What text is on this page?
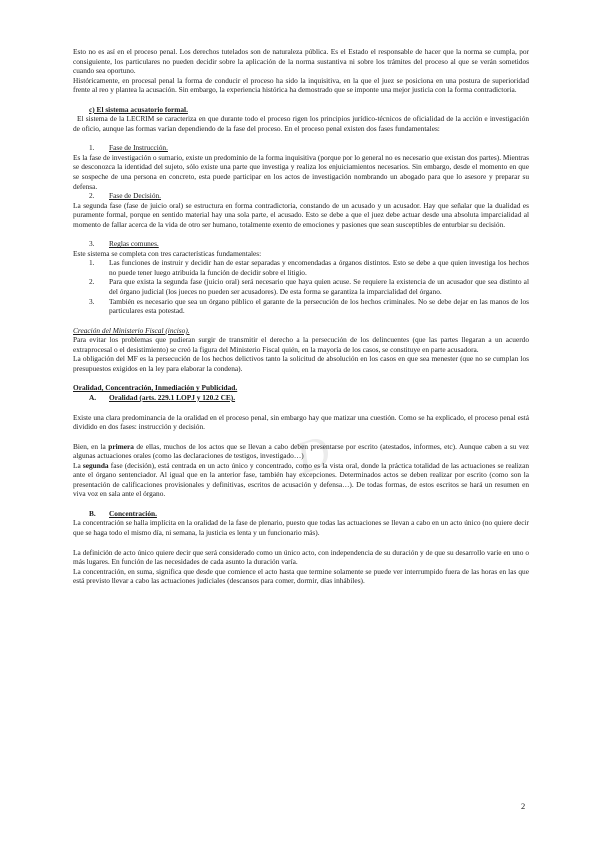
D

Esto no es así en el proceso penal. Los derechos tutelados son de naturaleza pública. Es el Estado el responsable de hacer que la norma se cumpla, por consiguiente, los particulares no pueden decidir sobre la aplicación de la norma sustantiva ni sobre los trámites del proceso al que se verán sometidos cuando sea oportuno.

Históricamente, en procesal penal la forma de conducir el proceso ha sido la inquisitiva, en la que el juez se posiciona en una postura de superioridad frente al reo y plantea la acusación. Sin embargo, la experiencia histórica ha demostrado que se imponte una mejor justicia con la forma contradictoria.

c) El sistema acusatorio formal.

El sistema de la LECRIM se caracteriza en que durante todo el proceso rigen los principios jurídico-técnicos de oficialidad de la acción e investigación de oficio, aunque las formas varían dependiendo de la fase del proceso. En el proceso penal existen dos fases fundamentales:

1.	Fase de Instrucción.

Es la fase de investigación o sumario, existe un predominio de la forma inquisitiva (porque por lo general no es necesario que existan dos partes). Mientras se desconozca la identidad del sujeto, sólo existe una parte que investiga y realiza los enjuiciamientos necesarios. Sin embargo, desde el momento en que se sospeche de una persona en concreto, esta puede participar en los actos de investigación nombrando un abogado para que lo asesore y preparar su defensa.

2.	Fase de Decisión.

La segunda fase (fase de juicio oral) se estructura en forma contradictoria, constando de un acusado y un acusador. Hay que señalar que la dualidad es puramente formal, porque en sentido material hay una sola parte, el acusado. Esto se debe a que el juez debe actuar desde una absoluta imparcialidad al momento de fallar acerca de la vida de otro ser humano, totalmente exento de emociones y pasiones que sean susceptibles de enturbiar su decisión.

3.	Reglas comunes.

Este sistema se completa con tres características fundamentales:

1.	Las funciones de instruir y decidir han de estar separadas y encomendadas a órganos distintos. Esto se debe a que quien investiga los hechos no puede tener luego atribuida la función de decidir sobre el litigio.
2.	Para que exista la segunda fase (juicio oral) será necesario que haya quien acuse. Se requiere la existencia de un acusador que sea distinto al del órgano judicial (los jueces no pueden ser acusadores). De esta forma se garantiza la imparcialidad del órgano.
3.	También es necesario que sea un órgano público el garante de la persecución de los hechos criminales. No se debe dejar en las manos de los particulares esta potestad.

Creación del Ministerio Fiscal (inciso).

Para evitar los problemas que pudieran surgir de transmitir el derecho a la persecución de los delincuentes (que las partes llegaran a un acuerdo extraprocesal o el desistimiento) se creó la figura del Ministerio Fiscal quién, en la mayoría de los casos, se constituye en parte acusadora.

La obligación del MF es la persecución de los hechos delictivos tanto la solicitud de absolución en los casos en que sea menester (que no se cumplan los presupuestos exigidos en la ley para elaborar la condena).

Oralidad, Concentración, Inmediación y Publicidad.

A.	Oralidad (arts. 229.1 LOPJ y 120.2 CE).

Existe una clara predominancia de la oralidad en el proceso penal, sin embargo hay que matizar una cuestión. Como se ha explicado, el proceso penal está dividido en dos fases: instrucción y decisión.

Bien, en la primera de ellas, muchos de los actos que se llevan a cabo deben presentarse por escrito (atestados, informes, etc). Aunque caben a su vez algunas actuaciones orales (como las declaraciones de testigos, investigado…)

La segunda fase (decisión), está centrada en un acto único y concentrado, como es la vista oral, donde la práctica totalidad de las actuaciones se realizan ante el órgano sentenciador. Al igual que en la anterior fase, también hay excepciones. Determinados actos se deben realizar por escrito (como son la presentación de calificaciones provisionales y definitivas, escritos de acusación y defensa…). De todas formas, de estos escritos se hará un resumen en viva voz en sala ante el órgano.

B.	Concentración.

La concentración se halla implícita en la oralidad de la fase de plenario, puesto que todas las actuaciones se llevan a cabo en un acto único (no quiere decir que se haga todo el mismo día, ni semana, la justicia es lenta y un funcionario más).

La definición de acto único quiere decir que será considerado como un único acto, con independencia de su duración y de que su desarrollo varíe en uno o más lugares. En función de las necesidades de cada asunto la duración varía.

La concentración, en suma, significa que desde que comience el acto hasta que termine solamente se puede ver interrumpido fuera de las horas en las que está previsto llevar a cabo las actuaciones judiciales (descansos para comer, dormir, días inhábiles).

2
